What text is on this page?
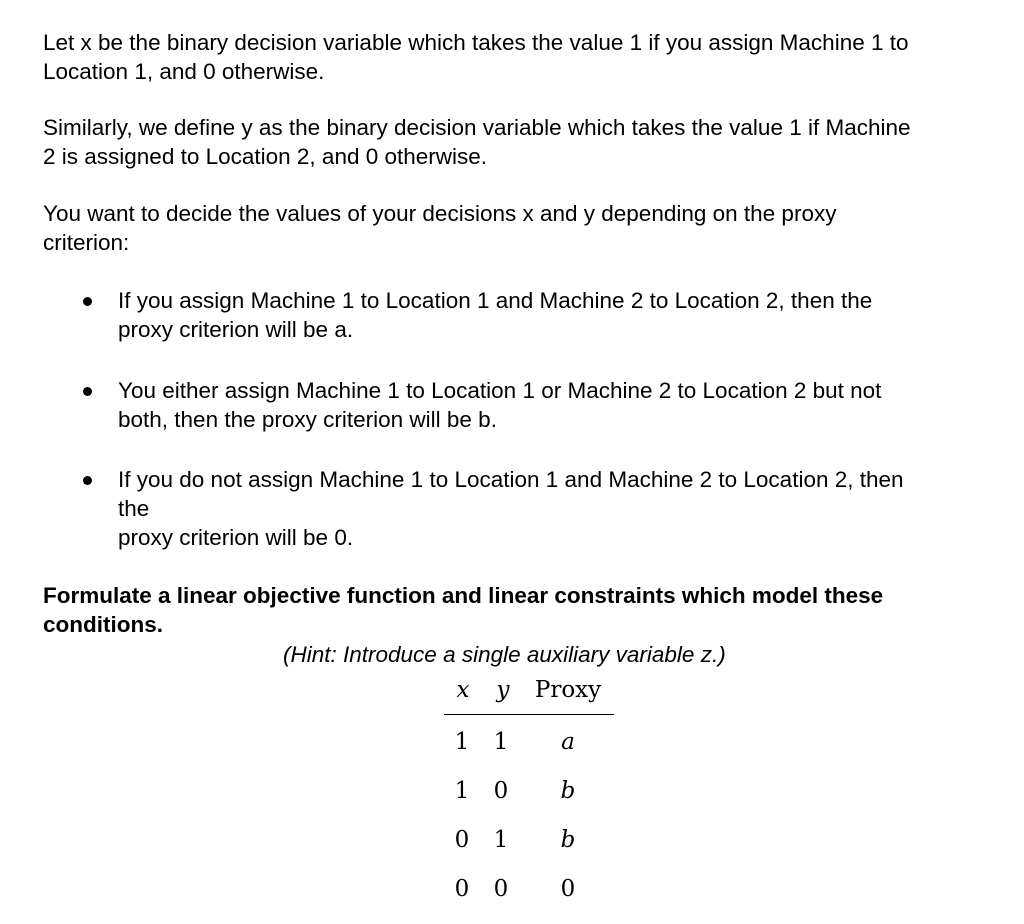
Let x be the binary decision variable which takes the value 1 if you assign Machine 1 to
Location 1, and 0 otherwise.

Similarly, we define y as the binary decision variable which takes the value 1 if Machine
2 is assigned to Location 2, and 0 otherwise.

You want to decide the values of your decisions x and y depending on the proxy
criterion:

If you assign Machine 1 to Location 1 and Machine 2 to Location 2, then the
proxy criterion will be a.

You either assign Machine 1 to Location 1 or Machine 2 to Location 2 but not
both, then the proxy criterion will be b.

If you do not assign Machine 1 to Location 1 and Machine 2 to Location 2, then
the
proxy criterion will be 0.

Formulate a linear objective function and linear constraints which model these
conditions.

(Hint: Introduce a single auxiliary variable z.)
x y Proxy
1 1 a
1 0 b
0 1 b
0 0 0
